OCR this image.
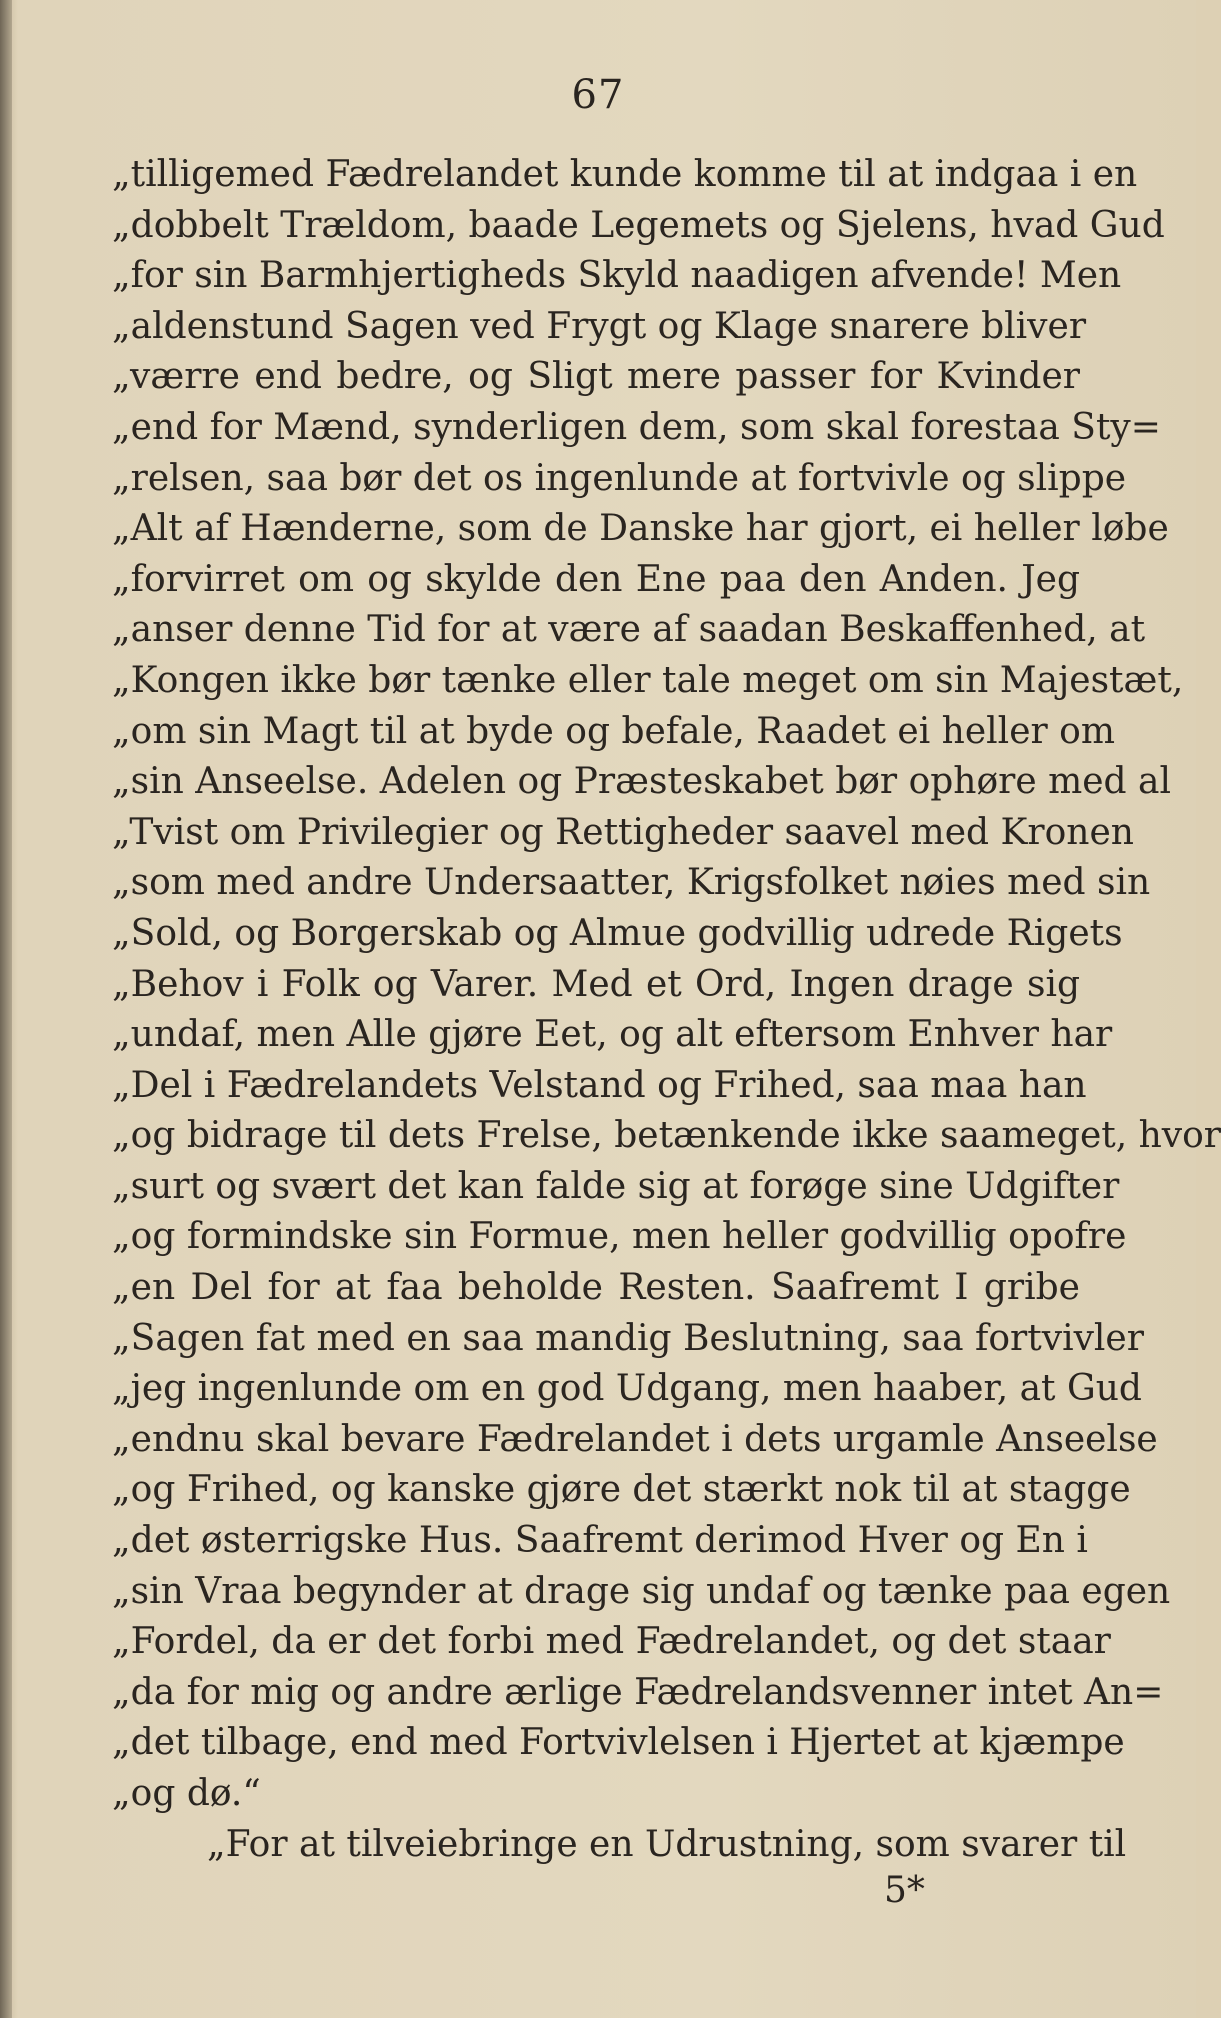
67
„tilligemed Fædrelandet kunde komme til at indgaa i en
„dobbelt Trældom, baade Legemets og Sjelens, hvad Gud
„for sin Barmhjertigheds Skyld naadigen afvende! Men
„aldenstund Sagen ved Frygt og Klage snarere bliver
„værre end bedre, og Sligt mere passer for Kvinder
„end for Mænd, synderligen dem, som skal forestaa Sty=
„relsen, saa bør det os ingenlunde at fortvivle og slippe
„Alt af Hænderne, som de Danske har gjort, ei heller løbe
„forvirret om og skylde den Ene paa den Anden. Jeg
„anser denne Tid for at være af saadan Beskaffenhed, at
„Kongen ikke bør tænke eller tale meget om sin Majestæt,
„om sin Magt til at byde og befale, Raadet ei heller om
„sin Anseelse. Adelen og Præsteskabet bør ophøre med al
„Tvist om Privilegier og Rettigheder saavel med Kronen
„som med andre Undersaatter, Krigsfolket nøies med sin
„Sold, og Borgerskab og Almue godvillig udrede Rigets
„Behov i Folk og Varer. Med et Ord, Ingen drage sig
„undaf, men Alle gjøre Eet, og alt eftersom Enhver har
„Del i Fædrelandets Velstand og Frihed, saa maa han
„og bidrage til dets Frelse, betænkende ikke saameget, hvor
„surt og svært det kan falde sig at forøge sine Udgifter
„og formindske sin Formue, men heller godvillig opofre
„en Del for at faa beholde Resten. Saafremt I gribe
„Sagen fat med en saa mandig Beslutning, saa fortvivler
„jeg ingenlunde om en god Udgang, men haaber, at Gud
„endnu skal bevare Fædrelandet i dets urgamle Anseelse
„og Frihed, og kanske gjøre det stærkt nok til at stagge
„det østerrigske Hus. Saafremt derimod Hver og En i
„sin Vraa begynder at drage sig undaf og tænke paa egen
„Fordel, da er det forbi med Fædrelandet, og det staar
„da for mig og andre ærlige Fædrelandsvenner intet An=
„det tilbage, end med Fortvivlelsen i Hjertet at kjæmpe
„og dø.“
„For at tilveiebringe en Udrustning, som svarer til
5*
